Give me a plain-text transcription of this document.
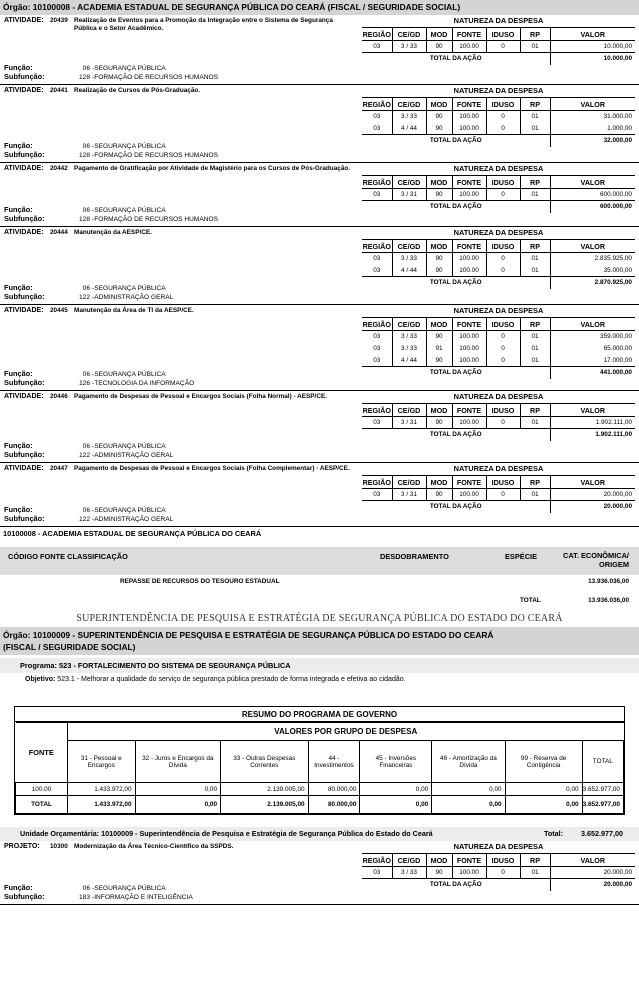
Órgão: 10100008 - ACADEMIA ESTADUAL DE SEGURANÇA PÚBLICA DO CEARÁ (FISCAL / SEGURIDADE SOCIAL)
ATIVIDADE:	20439 Realização de Eventos para a Promoção da Integração entre o Sistema de Segurança Pública e o Setor Acadêmico.
Função:	06 -SEGURANÇA PÚBLICA
Subfunção:	128 -FORMAÇÃO DE RECURSOS HUMANOS
NATUREZA DA DESPESA
REGIÃO	CE/GD	MOD	FONTE	IDUSO	RP	VALOR
03	3 / 33	90	100.00	0	01	10.000,00
TOTAL DA AÇÃO						10.000,00
ATIVIDADE:	20441 Realização de Cursos de Pós-Graduação.
Função:	06 -SEGURANÇA PÚBLICA
Subfunção:	128 -FORMAÇÃO DE RECURSOS HUMANOS
NATUREZA DA DESPESA
REGIÃO	CE/GD	MOD	FONTE	IDUSO	RP	VALOR
03	3 / 33	90	100.00	0	01	31.000,00
03	4 / 44	90	100.00	0	01	1.000,00
TOTAL DA AÇÃO						32.000,00
ATIVIDADE:	20442 Pagamento de Gratificação por Atividade de Magistério para os Cursos de Pós-Graduação.
Função:	06 -SEGURANÇA PÚBLICA
Subfunção:	128 -FORMAÇÃO DE RECURSOS HUMANOS
NATUREZA DA DESPESA
REGIÃO	CE/GD	MOD	FONTE	IDUSO	RP	VALOR
03	3 / 31	90	100.00	0	01	600.000,00
TOTAL DA AÇÃO						600.000,00
ATIVIDADE:	20444 Manutenção da AESP/CE.
Função:	06 -SEGURANÇA PÚBLICA
Subfunção:	122 -ADMINISTRAÇÃO GERAL
NATUREZA DA DESPESA
REGIÃO	CE/GD	MOD	FONTE	IDUSO	RP	VALOR
03	3 / 33	90	100.00	0	01	2.835.925,00
03	4 / 44	90	100.00	0	01	35.000,00
TOTAL DA AÇÃO						2.870.925,00
ATIVIDADE:	20445 Manutenção da Área de TI da AESP/CE.
Função:	06 -SEGURANÇA PÚBLICA
Subfunção:	126 -TECNOLOGIA DA INFORMAÇÃO
NATUREZA DA DESPESA
REGIÃO	CE/GD	MOD	FONTE	IDUSO	RP	VALOR
03	3 / 33	90	100.00	0	01	359.000,00
03	3 / 33	91	100.00	0	01	65.000,00
03	4 / 44	90	100.00	0	01	17.000,00
TOTAL DA AÇÃO						441.000,00
ATIVIDADE:	20446 Pagamento de Despesas de Pessoal e Encargos Sociais (Folha Normal) - AESP/CE.
Função:	06 -SEGURANÇA PÚBLICA
Subfunção:	122 -ADMINISTRAÇÃO GERAL
NATUREZA DA DESPESA
REGIÃO	CE/GD	MOD	FONTE	IDUSO	RP	VALOR
03	3 / 31	90	100.00	0	01	1.902.111,00
TOTAL DA AÇÃO						1.902.111,00
ATIVIDADE:	20447 Pagamento de Despesas de Pessoal e Encargos Sociais (Folha Complementar) - AESP/CE.
Função:	06 -SEGURANÇA PÚBLICA
Subfunção:	122 -ADMINISTRAÇÃO GERAL
NATUREZA DA DESPESA
REGIÃO	CE/GD	MOD	FONTE	IDUSO	RP	VALOR
03	3 / 31	90	100.00	0	01	20.000,00
TOTAL DA AÇÃO						20.000,00
10100008 - ACADEMIA ESTADUAL DE SEGURANÇA PÚBLICA DO CEARÁ
CÓDIGO FONTE CLASSIFICAÇÃO	DESDOBRAMENTO	ESPÉCIE	CAT. ECONÔMICA/
ORIGEM
REPASSE DE RECURSOS DO TESOURO ESTADUAL	13.936.036,00
TOTAL	13.936.036,00
SUPERINTENDÊNCIA DE PESQUISA E ESTRATÉGIA DE SEGURANÇA PÚBLICA DO ESTADO DO CEARÁ
Órgão: 10100009 - SUPERINTENDÊNCIA DE PESQUISA E ESTRATÉGIA DE SEGURANÇA PÚBLICA DO ESTADO DO CEARÁ
(FISCAL / SEGURIDADE SOCIAL)
Programa: 523 - FORTALECIMENTO DO SISTEMA DE SEGURANÇA PÚBLICA
Objetivo: 523.1 - Melhorar a qualidade do serviço de segurança pública prestado de forma integrada e efetiva ao cidadão.
RESUMO DO PROGRAMA DE GOVERNO
FONTE	VALORES POR GRUPO DE DESPESA							
	31 - Pessoal e Encargos	32 - Juros e Encargos da Dívida	33 - Outras Despesas Correntes	44 - Investimentos	45 - Inversões Financeiras	46 - Amortização da Dívida	99 - Reserva de Contigência	TOTAL
100.00	1.433.972,00	0,00	2.139.005,00	80.000,00	0,00	0,00	0,00	3.652.977,00
TOTAL	1.433.972,00	0,00	2.139.005,00	80.000,00	0,00	0,00	0,00	3.652.977,00
Unidade Orçamentária: 10100009 - Superintendência de Pesquisa e Estratégia de Segurança Pública do Estado do Ceará	Total:	3.652.977,00
PROJETO:	10300 Modernização da Área Técnico-Científico da SSPDS.
Função:	06 -SEGURANÇA PÚBLICA
Subfunção:	183 -INFORMAÇÃO E INTELIGÊNCIA
NATUREZA DA DESPESA
REGIÃO	CE/GD	MOD	FONTE	IDUSO	RP	VALOR
03	3 / 33	90	100.00	0	01	20.000,00
TOTAL DA AÇÃO						20.000,00
